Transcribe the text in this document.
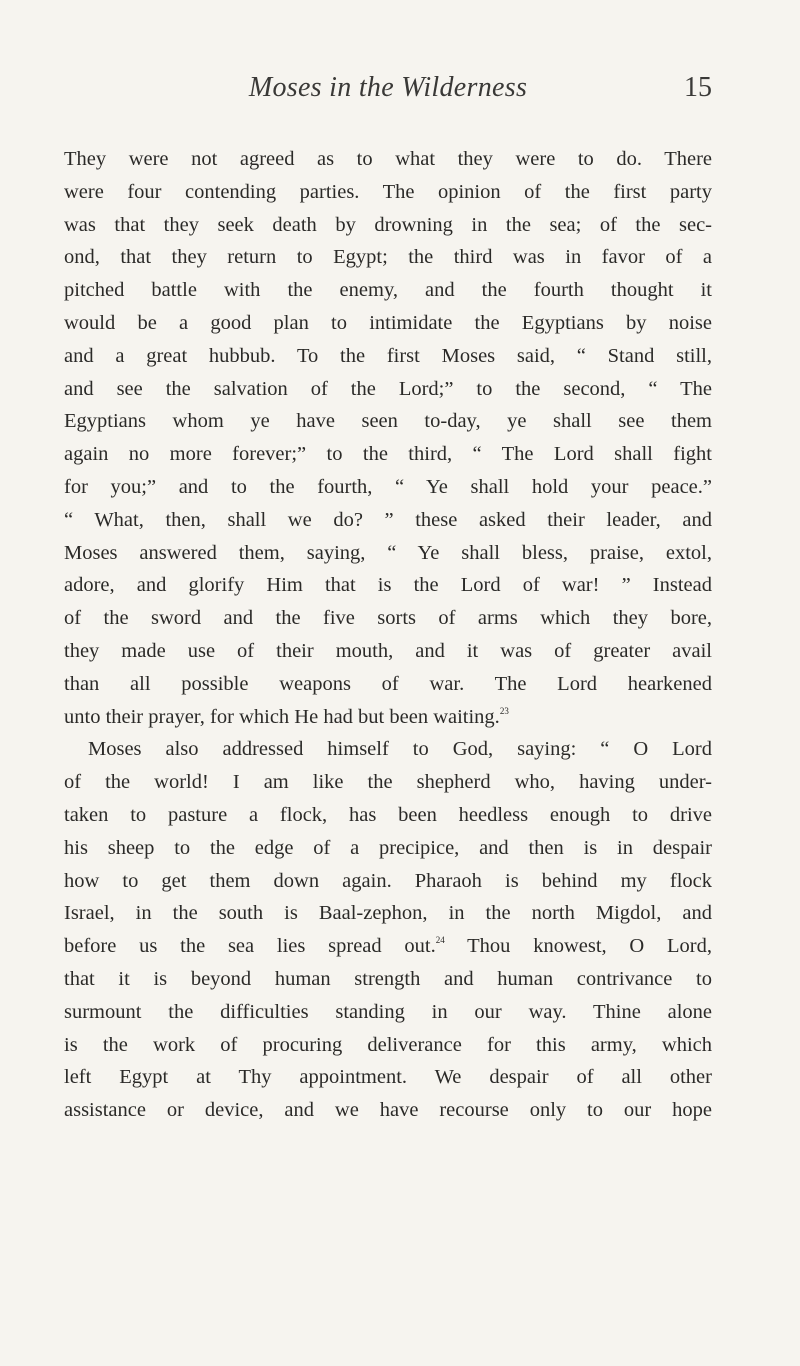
Moses in the Wilderness	15
They were not agreed as to what they were to do. There
were four contending parties. The opinion of the first party
was that they seek death by drowning in the sea; of the sec-
ond, that they return to Egypt; the third was in favor of a
pitched battle with the enemy, and the fourth thought it
would be a good plan to intimidate the Egyptians by noise
and a great hubbub. To the first Moses said, “ Stand still,
and see the salvation of the Lord;” to the second, “ The
Egyptians whom ye have seen to-day, ye shall see them
again no more forever;” to the third, “ The Lord shall fight
for you;” and to the fourth, “ Ye shall hold your peace.”
“ What, then, shall we do? ” these asked their leader, and
Moses answered them, saying, “ Ye shall bless, praise, extol,
adore, and glorify Him that is the Lord of war! ” Instead
of the sword and the five sorts of arms which they bore,
they made use of their mouth, and it was of greater avail
than all possible weapons of war. The Lord hearkened
unto their prayer, for which He had but been waiting.$^{23}$
Moses also addressed himself to God, saying: “ O Lord
of the world! I am like the shepherd who, having under-
taken to pasture a flock, has been heedless enough to drive
his sheep to the edge of a precipice, and then is in despair
how to get them down again. Pharaoh is behind my flock
Israel, in the south is Baal-zephon, in the north Migdol, and
before us the sea lies spread out.$^{24}$ Thou knowest, O Lord,
that it is beyond human strength and human contrivance to
surmount the difficulties standing in our way. Thine alone
is the work of procuring deliverance for this army, which
left Egypt at Thy appointment. We despair of all other
assistance or device, and we have recourse only to our hope
